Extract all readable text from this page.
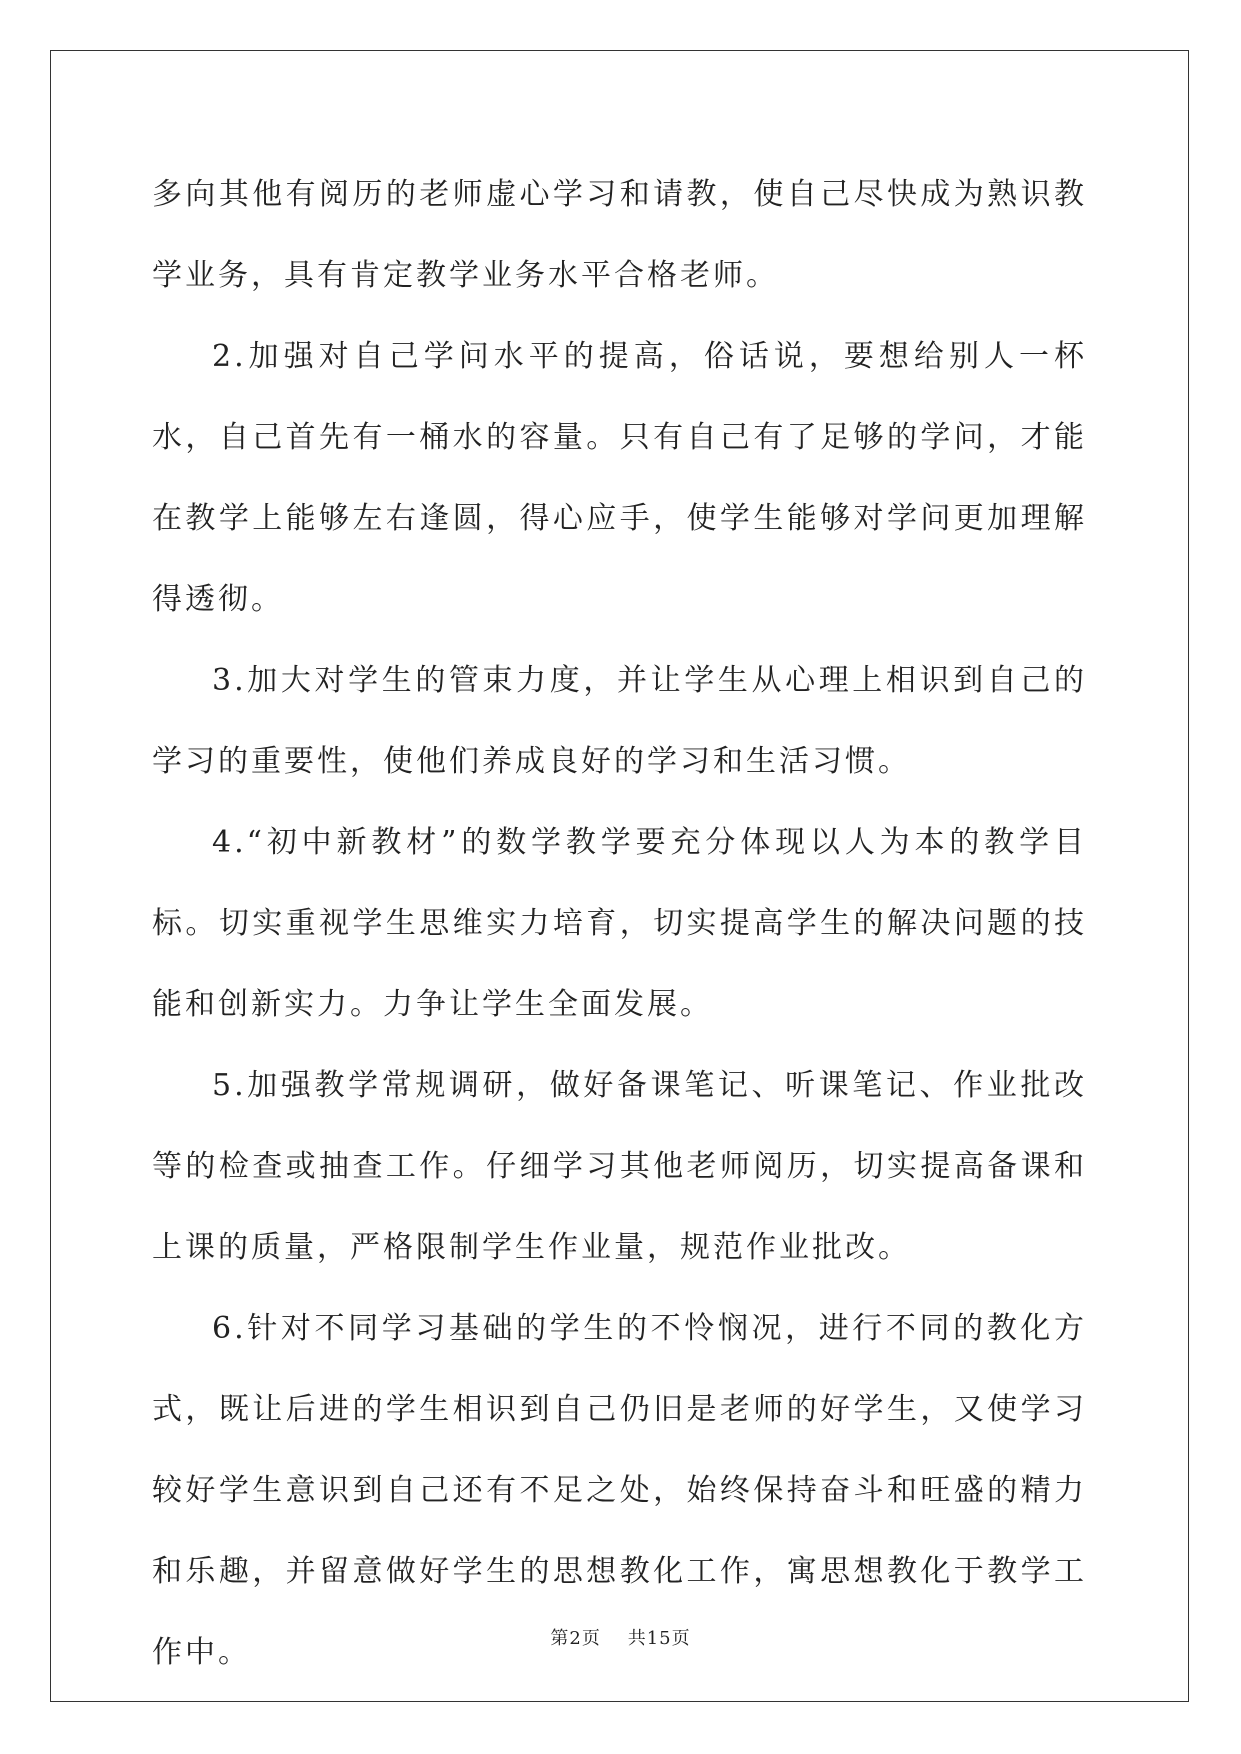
多向其他有阅历的老师虚心学习和请教，使自己尽快成为熟识教学业务，具有肯定教学业务水平合格老师。

2.加强对自己学问水平的提高，俗话说，要想给别人一杯水，自己首先有一桶水的容量。只有自己有了足够的学问，才能在教学上能够左右逢圆，得心应手，使学生能够对学问更加理解得透彻。

3.加大对学生的管束力度，并让学生从心理上相识到自己的学习的重要性，使他们养成良好的学习和生活习惯。

4.“初中新教材”的数学教学要充分体现以人为本的教学目标。切实重视学生思维实力培育，切实提高学生的解决问题的技能和创新实力。力争让学生全面发展。

5.加强教学常规调研，做好备课笔记、听课笔记、作业批改等的检查或抽查工作。仔细学习其他老师阅历，切实提高备课和上课的质量，严格限制学生作业量，规范作业批改。

6.针对不同学习基础的学生的不怜悯况，进行不同的教化方式，既让后进的学生相识到自己仍旧是老师的好学生，又使学习较好学生意识到自己还有不足之处，始终保持奋斗和旺盛的精力和乐趣，并留意做好学生的思想教化工作，寓思想教化于教学工作中。	第2页 共15页
